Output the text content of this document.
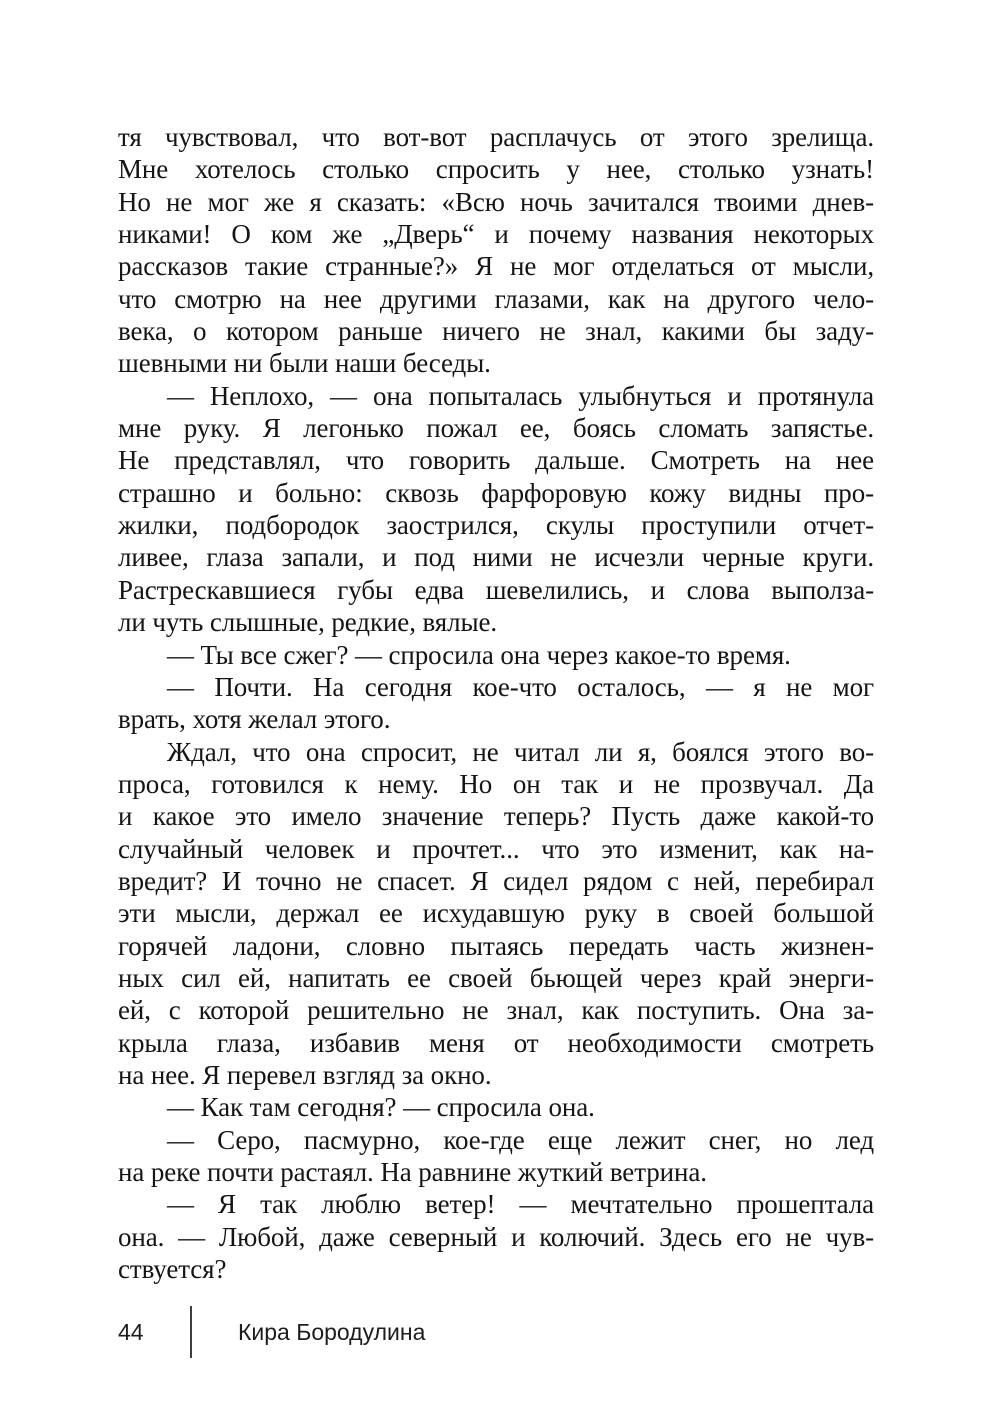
тя чувствовал, что вот-вот расплачусь от этого зрелища.
Мне хотелось столько спросить у нее, столько узнать!
Но не мог же я сказать: «Всю ночь зачитался твоими днев-
никами! О ком же „Дверь“ и почему названия некоторых
рассказов такие странные?» Я не мог отделаться от мысли,
что смотрю на нее другими глазами, как на другого чело-
века, о котором раньше ничего не знал, какими бы заду-
шевными ни были наши беседы.
— Неплохо, — она попыталась улыбнуться и протянула
мне руку. Я легонько пожал ее, боясь сломать запястье.
Не представлял, что говорить дальше. Смотреть на нее
страшно и больно: сквозь фарфоровую кожу видны про-
жилки, подбородок заострился, скулы проступили отчет-
ливее, глаза запали, и под ними не исчезли черные круги.
Растрескавшиеся губы едва шевелились, и слова выполза-
ли чуть слышные, редкие, вялые.
— Ты все сжег? — спросила она через какое-то время.
— Почти. На сегодня кое-что осталось, — я не мог
врать, хотя желал этого.
Ждал, что она спросит, не читал ли я, боялся этого во-
проса, готовился к нему. Но он так и не прозвучал. Да
и какое это имело значение теперь? Пусть даже какой-то
случайный человек и прочтет... что это изменит, как на-
вредит? И точно не спасет. Я сидел рядом с ней, перебирал
эти мысли, держал ее исхудавшую руку в своей большой
горячей ладони, словно пытаясь передать часть жизнен-
ных сил ей, напитать ее своей бьющей через край энерги-
ей, с которой решительно не знал, как поступить. Она за-
крыла глаза, избавив меня от необходимости смотреть
на нее. Я перевел взгляд за окно.
— Как там сегодня? — спросила она.
— Серо, пасмурно, кое-где еще лежит снег, но лед
на реке почти растаял. На равнине жуткий ветрина.
— Я так люблю ветер! — мечтательно прошептала
она. — Любой, даже северный и колючий. Здесь его не чув-
ствуется?
44	Кира Бородулина
